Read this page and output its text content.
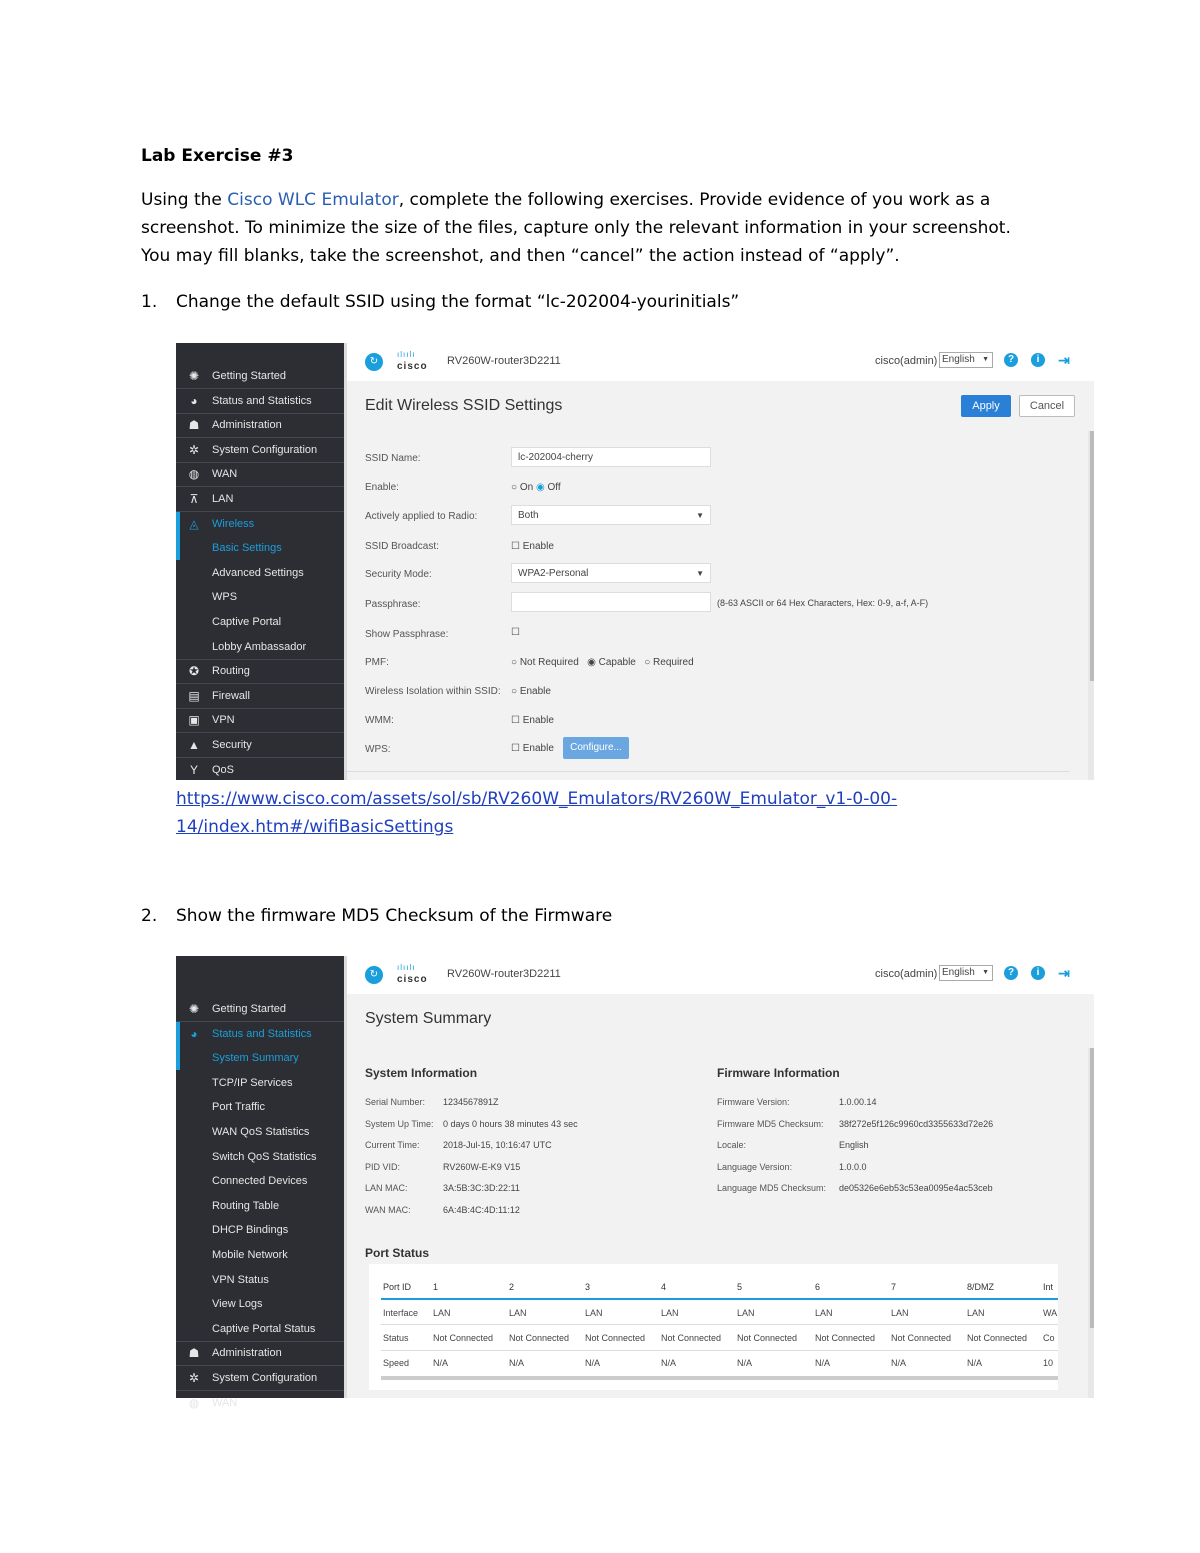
Lab Exercise #3
Using the Cisco WLC Emulator, complete the following exercises. Provide evidence of you work as a
screenshot. To minimize the size of the files, capture only the relevant information in your screenshot.
You may fill blanks, take the screenshot, and then “cancel” the action instead of “apply”.
1. Change the default SSID using the format “lc-202004-yourinitials”
✺ Getting Started
◕ Status and Statistics
☗ Administration
✲ System Configuration
◍ WAN
⊼ LAN
◬ Wireless
Basic Settings
Advanced Settings
WPS
Captive Portal
Lobby Ambassador
✪ Routing
▤ Firewall
▣ VPN
▲ Security
Y QoS
↻
ılıılı
cisco RV260W-router3D2211	cisco(admin) English ▼	?	i	⇥
Edit Wireless SSID Settings	Apply	Cancel
SSID Name:	lc-202004-cherry
Enable:	○ On ◉ Off
Actively applied to Radio:	Both	▼
SSID Broadcast:	☐ Enable
Security Mode:	WPA2-Personal	▼
Passphrase:	(8-63 ASCII or 64 Hex Characters, Hex: 0-9, a-f, A-F)
Show Passphrase:	☐
PMF:	○ Not Required ◉ Capable ○ Required
Wireless Isolation within SSID: ○ Enable
WMM:	☐ Enable
WPS:	☐ Enable	Configure...
https://www.cisco.com/assets/sol/sb/RV260W_Emulators/RV260W_Emulator_v1-0-00-
14/index.htm#/wifiBasicSettings
2. Show the firmware MD5 Checksum of the Firmware
✺ Getting Started
◕ Status and Statistics
System Summary
TCP/IP Services
Port Traffic
WAN QoS Statistics
Switch QoS Statistics
Connected Devices
Routing Table
DHCP Bindings
Mobile Network
VPN Status
View Logs
Captive Portal Status
☗ Administration
✲ System Configuration
◍ WAN
↻
ılıılı
cisco RV260W-router3D2211	cisco(admin) English ▼	?	i	⇥
System Summary
System Information
Serial Number: 1234567891Z
System Up Time: 0 days 0 hours 38 minutes 43 sec
Current Time:	2018-Jul-15, 10:16:47 UTC
PID VID:	RV260W-E-K9 V15
LAN MAC:	3A:5B:3C:3D:22:11
WAN MAC:	6A:4B:4C:4D:11:12
Firmware Information
Firmware Version:	1.0.00.14
Firmware MD5 Checksum: 38f272e5f126c9960cd3355633d72e26
Locale:	English
Language Version:	1.0.0.0
Language MD5 Checksum: de05326e6eb53c53ea0095e4ac53ceb
Port Status
Port ID 1	2	3	4	5	6	7	8/DMZ	Int
Interface LAN	LAN	LAN	LAN	LAN	LAN	LAN	LAN	WA
Status	Not Connected Not Connected Not Connected Not Connected Not Connected Not Connected Not Connected Not Connected Co
Speed	N/A	N/A	N/A	N/A	N/A	N/A	N/A	N/A	10
